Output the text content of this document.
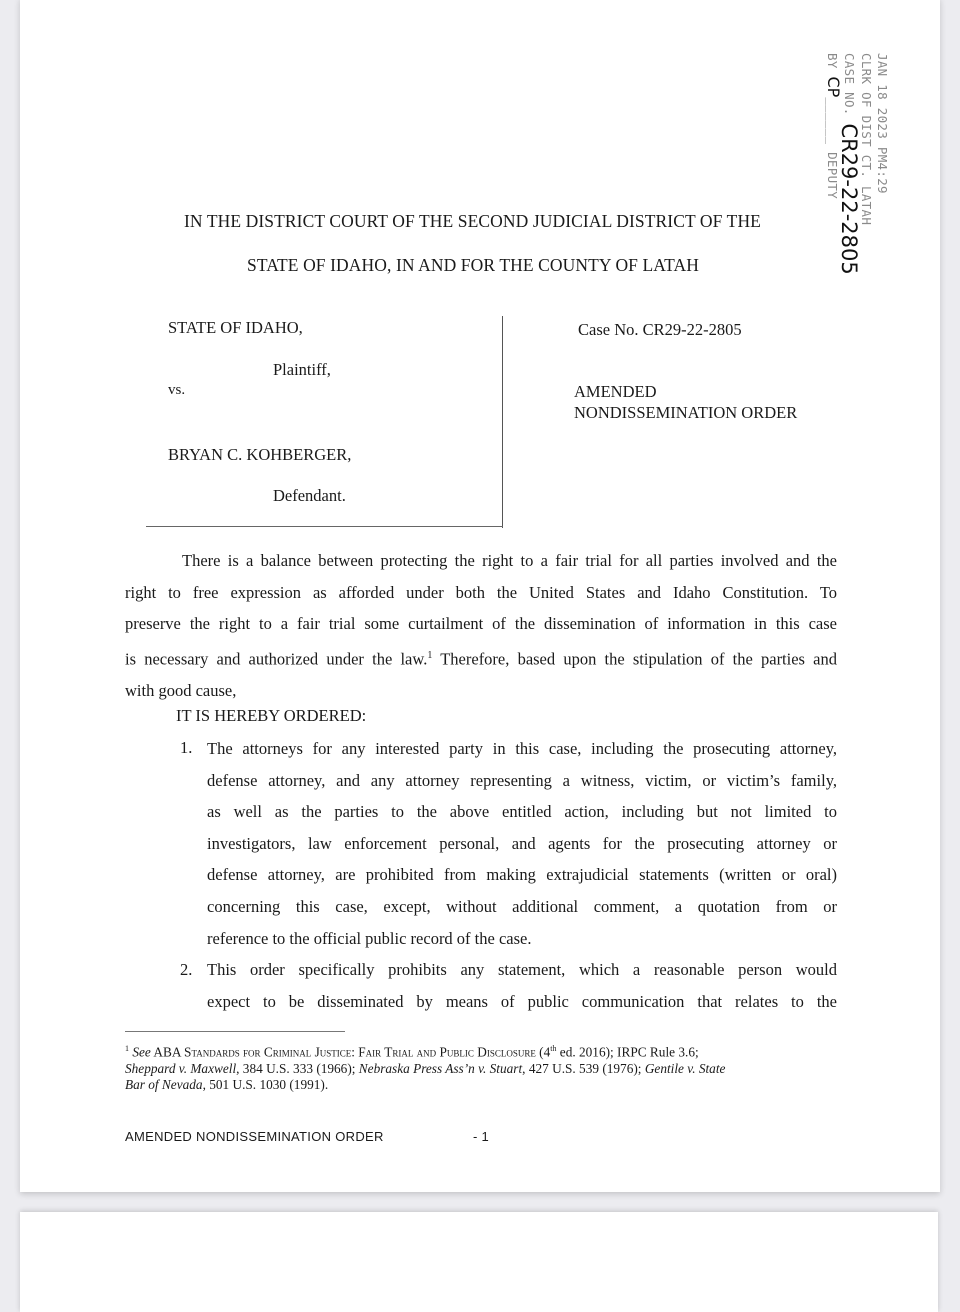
JAN 18 2023 PM4:29
CLRK OF DIST CT. LATAH
CASE NO. CR29-22-2805
BY CP______ DEPUTY
IN THE DISTRICT COURT OF THE SECOND JUDICIAL DISTRICT OF THE
STATE OF IDAHO, IN AND FOR THE COUNTY OF LATAH
STATE OF IDAHO,
Plaintiff,
vs.
BRYAN C. KOHBERGER,
Defendant.
Case No. CR29-22-2805
AMENDED
NONDISSEMINATION ORDER
There is a balance between protecting the right to a fair trial for all parties involved and the
right to free expression as afforded under both the United States and Idaho Constitution. To
preserve the right to a fair trial some curtailment of the dissemination of information in this case
is necessary and authorized under the law.$^1$ Therefore, based upon the stipulation of the parties and
with good cause,
IT IS HEREBY ORDERED:
1. The attorneys for any interested party in this case, including the prosecuting attorney,
defense attorney, and any attorney representing a witness, victim, or victim’s family,
as well as the parties to the above entitled action, including but not limited to
investigators, law enforcement personal, and agents for the prosecuting attorney or
defense attorney, are prohibited from making extrajudicial statements (written or oral)
concerning this case, except, without additional comment, a quotation from or
reference to the official public record of the case.
2. This order specifically prohibits any statement, which a reasonable person would
expect to be disseminated by means of public communication that relates to the
$^1$ See ABA Standards for Criminal Justice: Fair Trial and Public Disclosure (4th ed. 2016); IRPC Rule 3.6;
Sheppard v. Maxwell, 384 U.S. 333 (1966); Nebraska Press Ass’n v. Stuart, 427 U.S. 539 (1976); Gentile v. State
Bar of Nevada, 501 U.S. 1030 (1991).
AMENDED NONDISSEMINATION ORDER	- 1
